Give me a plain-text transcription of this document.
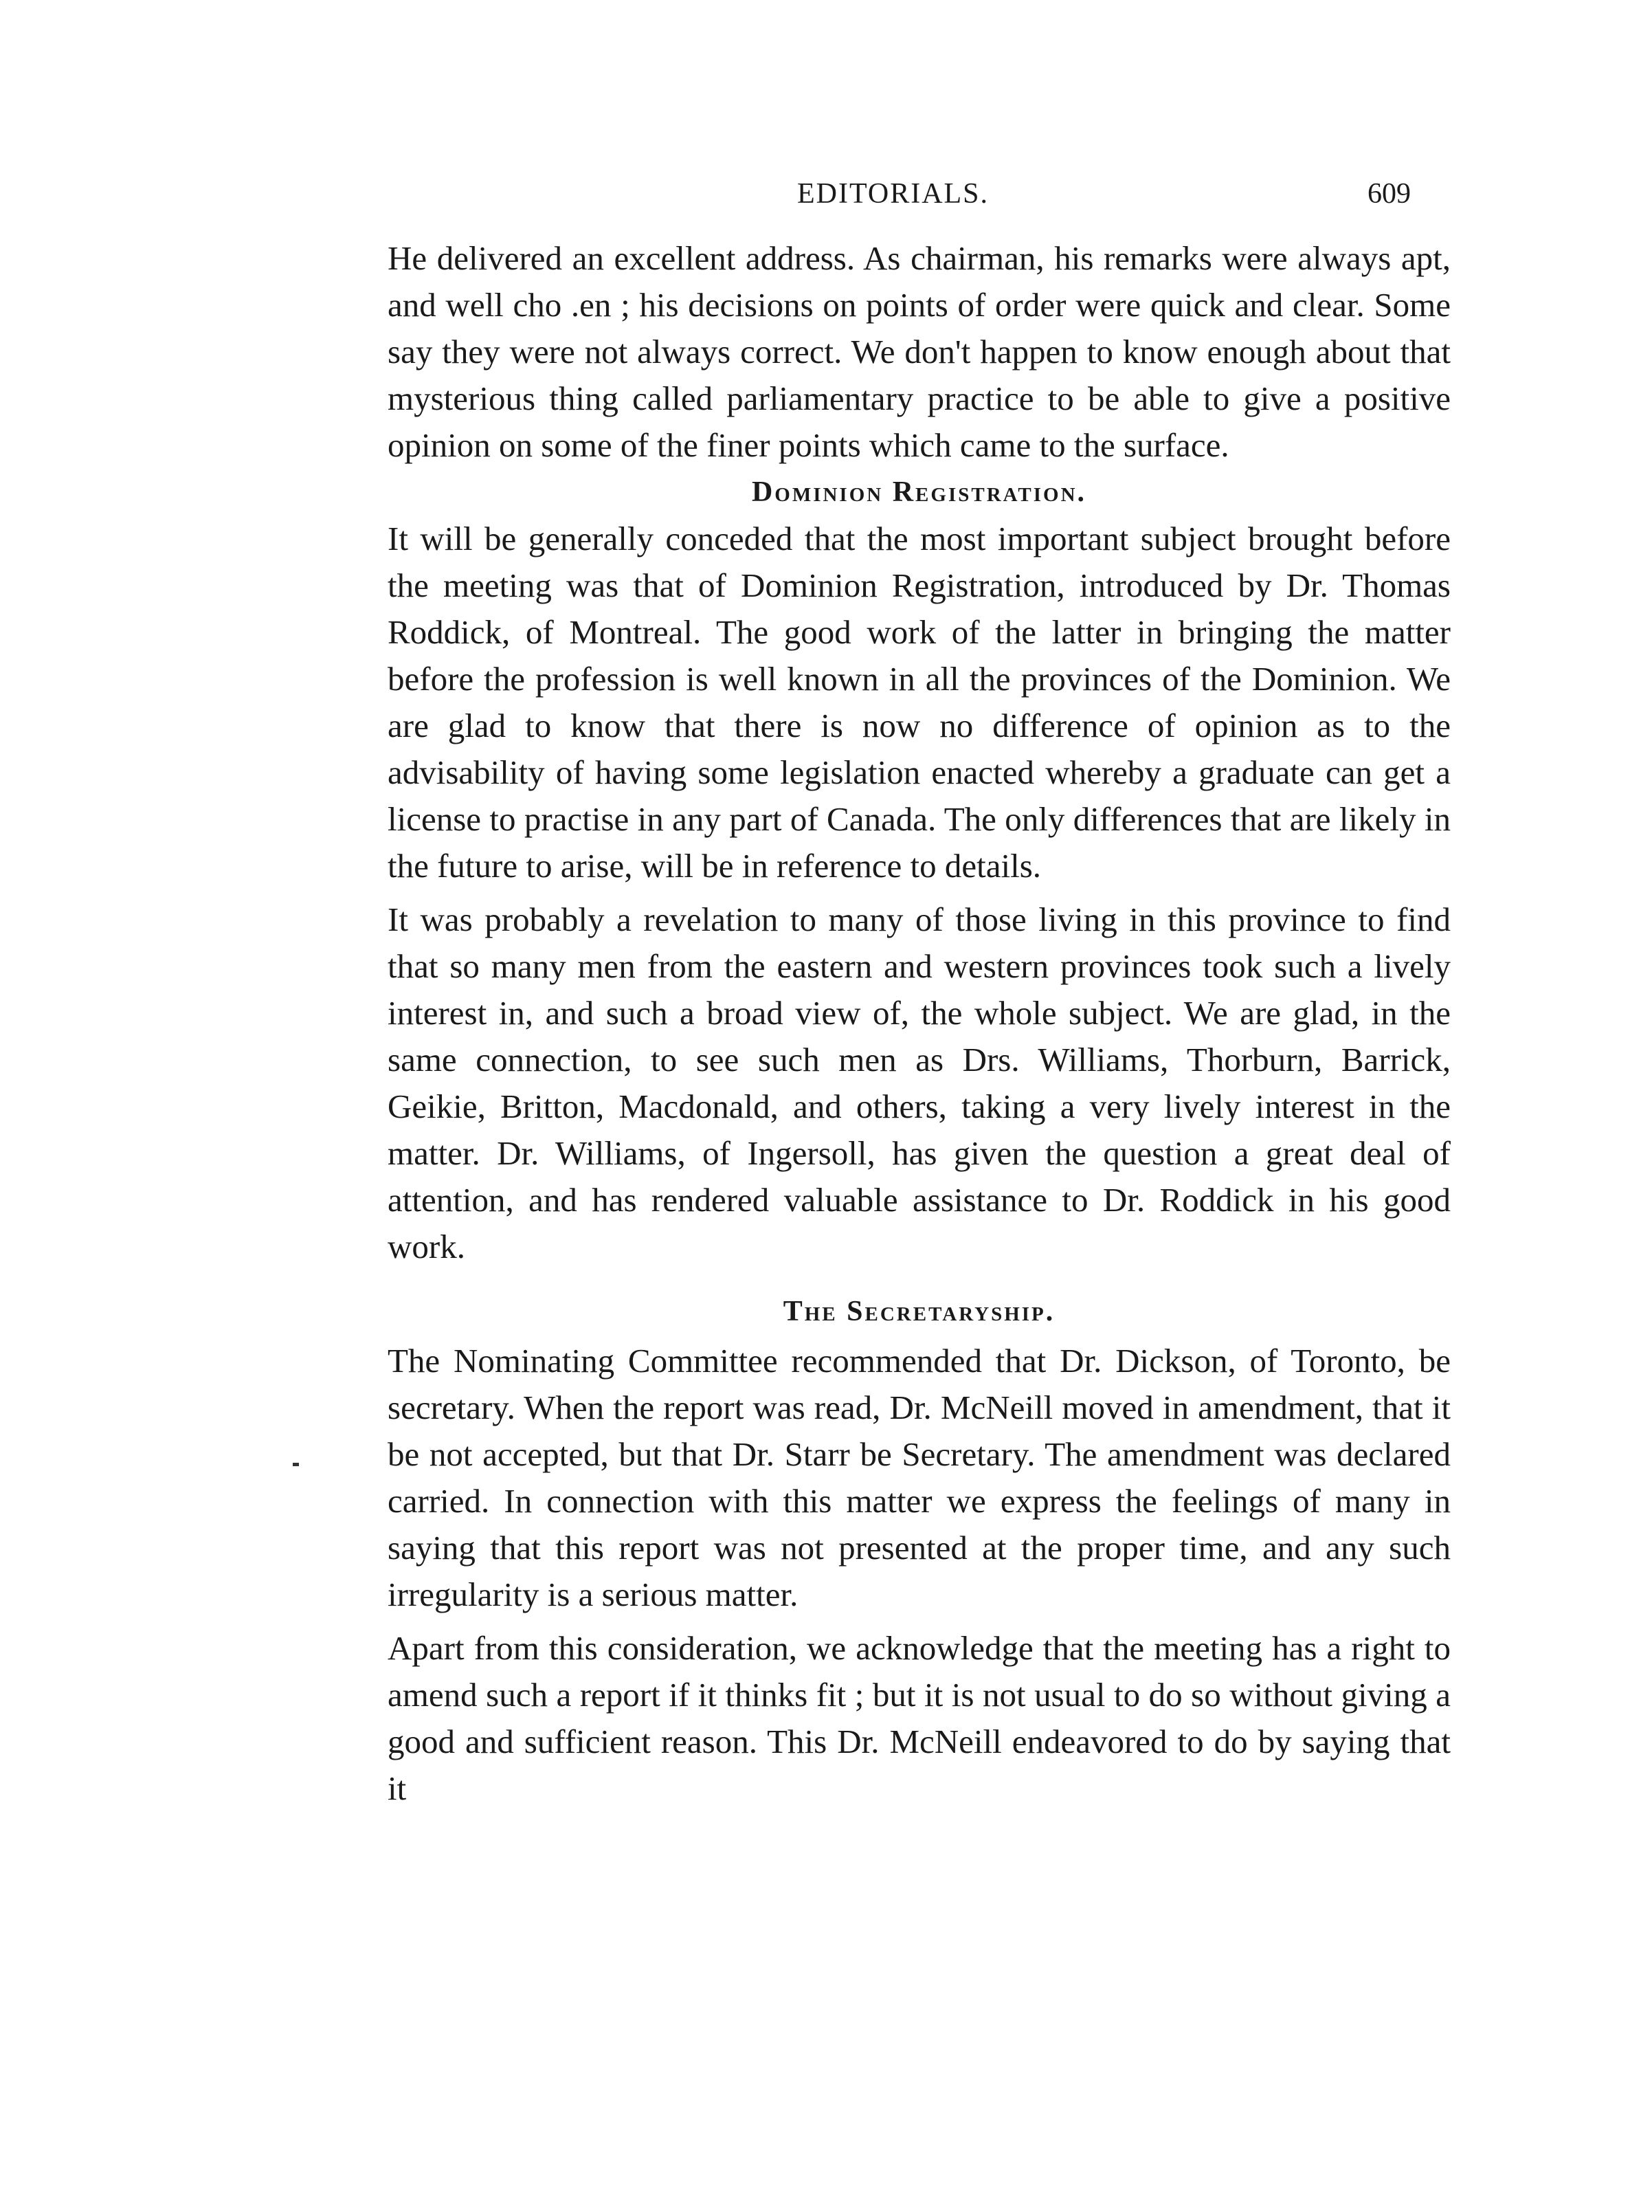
EDITORIALS.	609

He delivered an excellent address. As chairman, his remarks were always apt, and well cho .en ; his decisions on points of order were quick and clear. Some say they were not always correct. We don't happen to know enough about that mysterious thing called parliamentary practice to be able to give a positive opinion on some of the finer points which came to the surface.

Dominion Registration.

It will be generally conceded that the most important subject brought before the meeting was that of Dominion Registration, introduced by Dr. Thomas Roddick, of Montreal. The good work of the latter in bringing the matter before the profession is well known in all the provinces of the Dominion. We are glad to know that there is now no difference of opinion as to the advisability of having some legislation enacted whereby a graduate can get a license to practise in any part of Canada. The only differences that are likely in the future to arise, will be in reference to details.

It was probably a revelation to many of those living in this province to find that so many men from the eastern and western provinces took such a lively interest in, and such a broad view of, the whole subject. We are glad, in the same connection, to see such men as Drs. Williams, Thorburn, Barrick, Geikie, Britton, Macdonald, and others, taking a very lively interest in the matter. Dr. Williams, of Ingersoll, has given the question a great deal of attention, and has rendered valuable assistance to Dr. Roddick in his good work.

The Secretaryship.

The Nominating Committee recommended that Dr. Dickson, of Toronto, be secretary. When the report was read, Dr. McNeill moved in amendment, that it be not accepted, but that Dr. Starr be Secretary. The amendment was declared carried. In connection with this matter we express the feelings of many in saying that this report was not presented at the proper time, and any such irregularity is a serious matter.

Apart from this consideration, we acknowledge that the meeting has a right to amend such a report if it thinks fit ; but it is not usual to do so without giving a good and sufficient reason. This Dr. McNeill endeavored to do by saying that it
